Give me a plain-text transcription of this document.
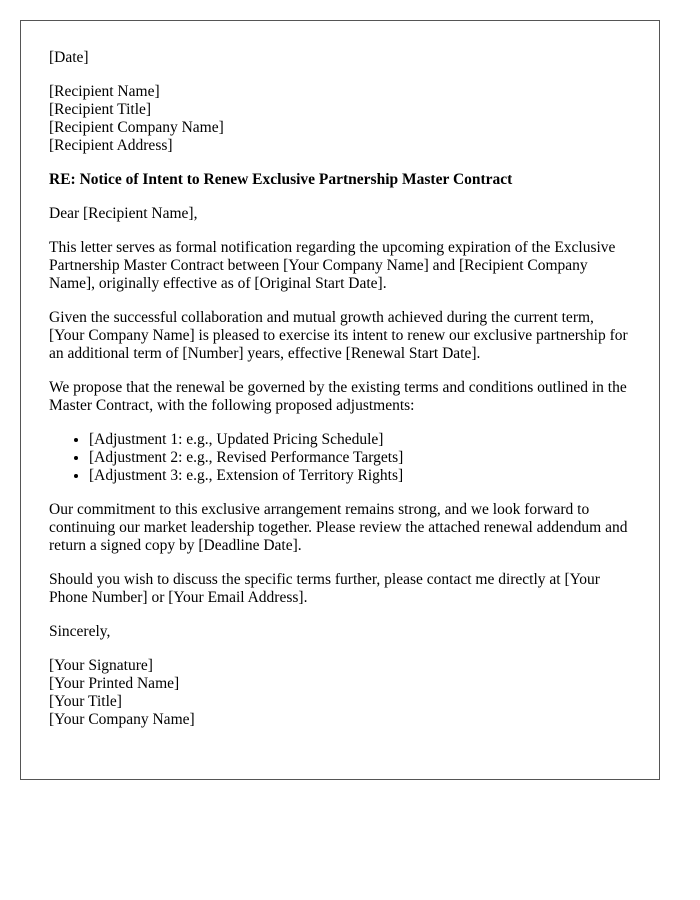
[Date]
[Recipient Name]
[Recipient Title]
[Recipient Company Name]
[Recipient Address]

RE: Notice of Intent to Renew Exclusive Partnership Master Contract

Dear [Recipient Name],

This letter serves as formal notification regarding the upcoming expiration of the Exclusive Partnership Master Contract between [Your Company Name] and [Recipient Company Name], originally effective as of [Original Start Date].

Given the successful collaboration and mutual growth achieved during the current term, [Your Company Name] is pleased to exercise its intent to renew our exclusive partnership for an additional term of [Number] years, effective [Renewal Start Date].

We propose that the renewal be governed by the existing terms and conditions outlined in the Master Contract, with the following proposed adjustments:

• [Adjustment 1: e.g., Updated Pricing Schedule]
• [Adjustment 2: e.g., Revised Performance Targets]
• [Adjustment 3: e.g., Extension of Territory Rights]

Our commitment to this exclusive arrangement remains strong, and we look forward to continuing our market leadership together. Please review the attached renewal addendum and return a signed copy by [Deadline Date].

Should you wish to discuss the specific terms further, please contact me directly at [Your Phone Number] or [Your Email Address].

Sincerely,

[Your Signature]
[Your Printed Name]
[Your Title]
[Your Company Name]
